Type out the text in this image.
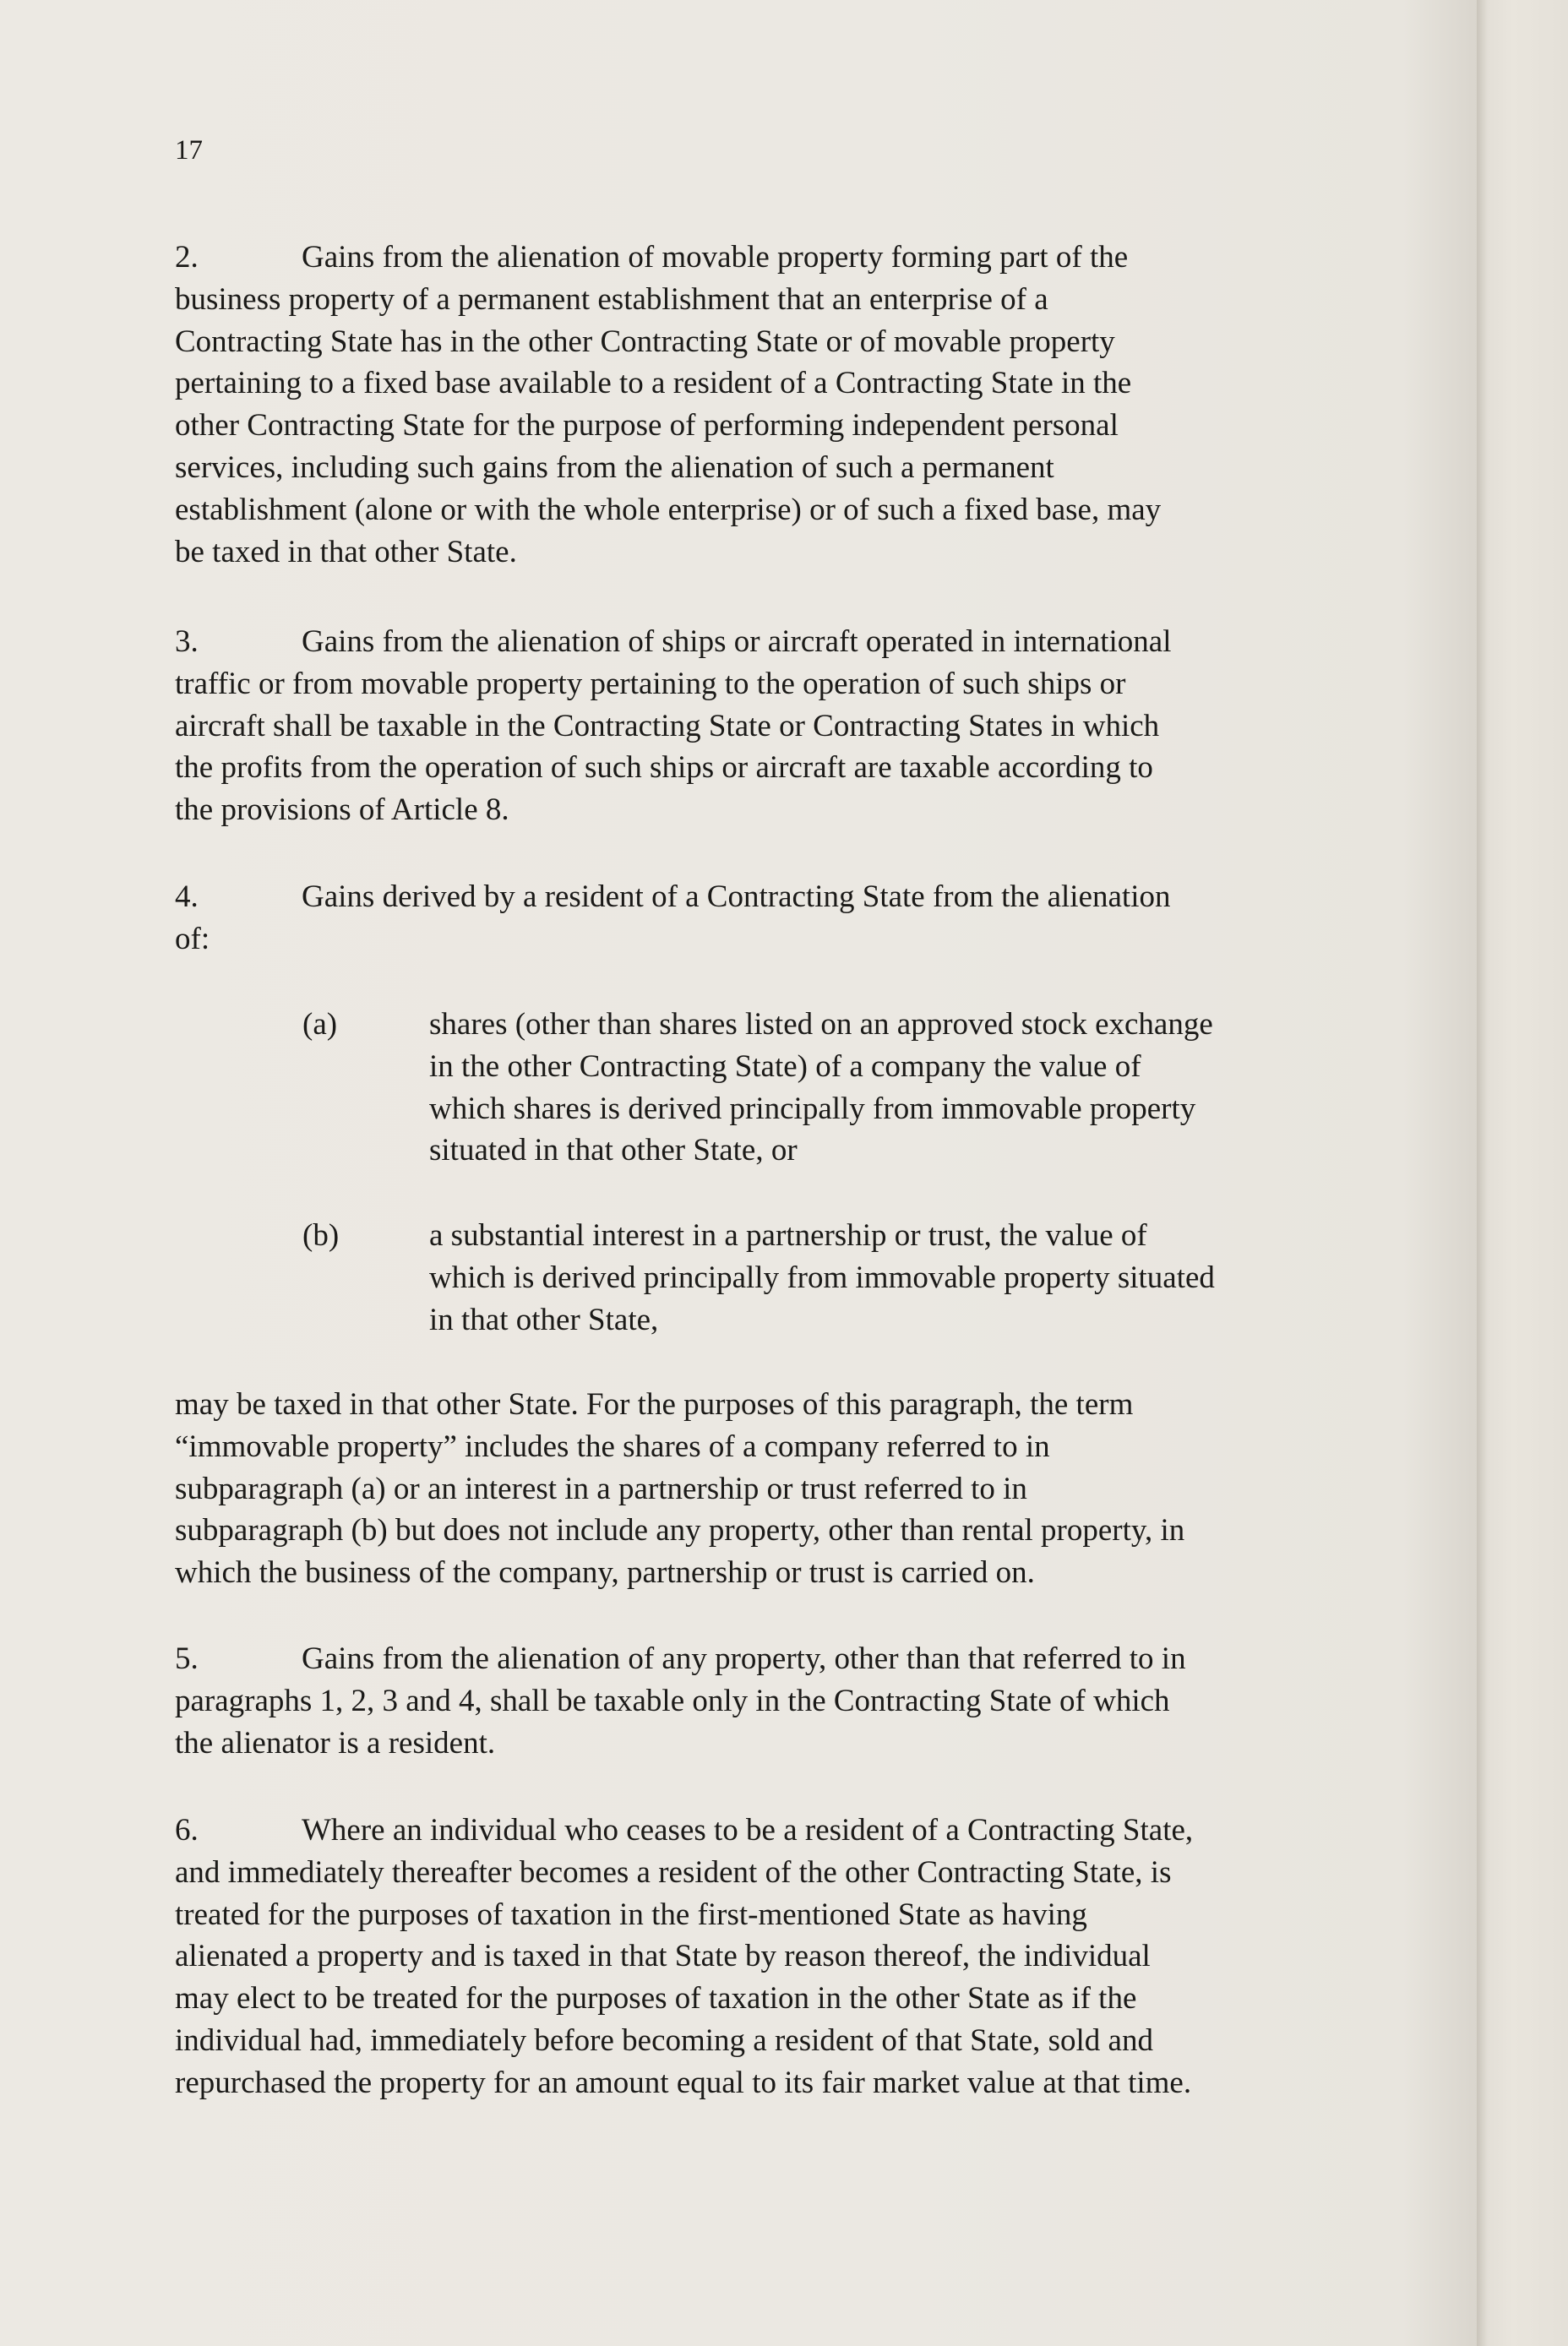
17
2.	Gains from the alienation of movable property forming part of the
business property of a permanent establishment that an enterprise of a
Contracting State has in the other Contracting State or of movable property
pertaining to a fixed base available to a resident of a Contracting State in the
other Contracting State for the purpose of performing independent personal
services, including such gains from the alienation of such a permanent
establishment (alone or with the whole enterprise) or of such a fixed base, may
be taxed in that other State.
3.	Gains from the alienation of ships or aircraft operated in international
traffic or from movable property pertaining to the operation of such ships or
aircraft shall be taxable in the Contracting State or Contracting States in which
the profits from the operation of such ships or aircraft are taxable according to
the provisions of Article 8.
4.	Gains derived by a resident of a Contracting State from the alienation
of:
(a)	shares (other than shares listed on an approved stock exchange
in the other Contracting State) of a company the value of
which shares is derived principally from immovable property
situated in that other State, or
(b)	a substantial interest in a partnership or trust, the value of
which is derived principally from immovable property situated
in that other State,
may be taxed in that other State. For the purposes of this paragraph, the term
“immovable property” includes the shares of a company referred to in
subparagraph (a) or an interest in a partnership or trust referred to in
subparagraph (b) but does not include any property, other than rental property, in
which the business of the company, partnership or trust is carried on.
5.	Gains from the alienation of any property, other than that referred to in
paragraphs 1, 2, 3 and 4, shall be taxable only in the Contracting State of which
the alienator is a resident.
6.	Where an individual who ceases to be a resident of a Contracting State,
and immediately thereafter becomes a resident of the other Contracting State, is
treated for the purposes of taxation in the first-mentioned State as having
alienated a property and is taxed in that State by reason thereof, the individual
may elect to be treated for the purposes of taxation in the other State as if the
individual had, immediately before becoming a resident of that State, sold and
repurchased the property for an amount equal to its fair market value at that time.
